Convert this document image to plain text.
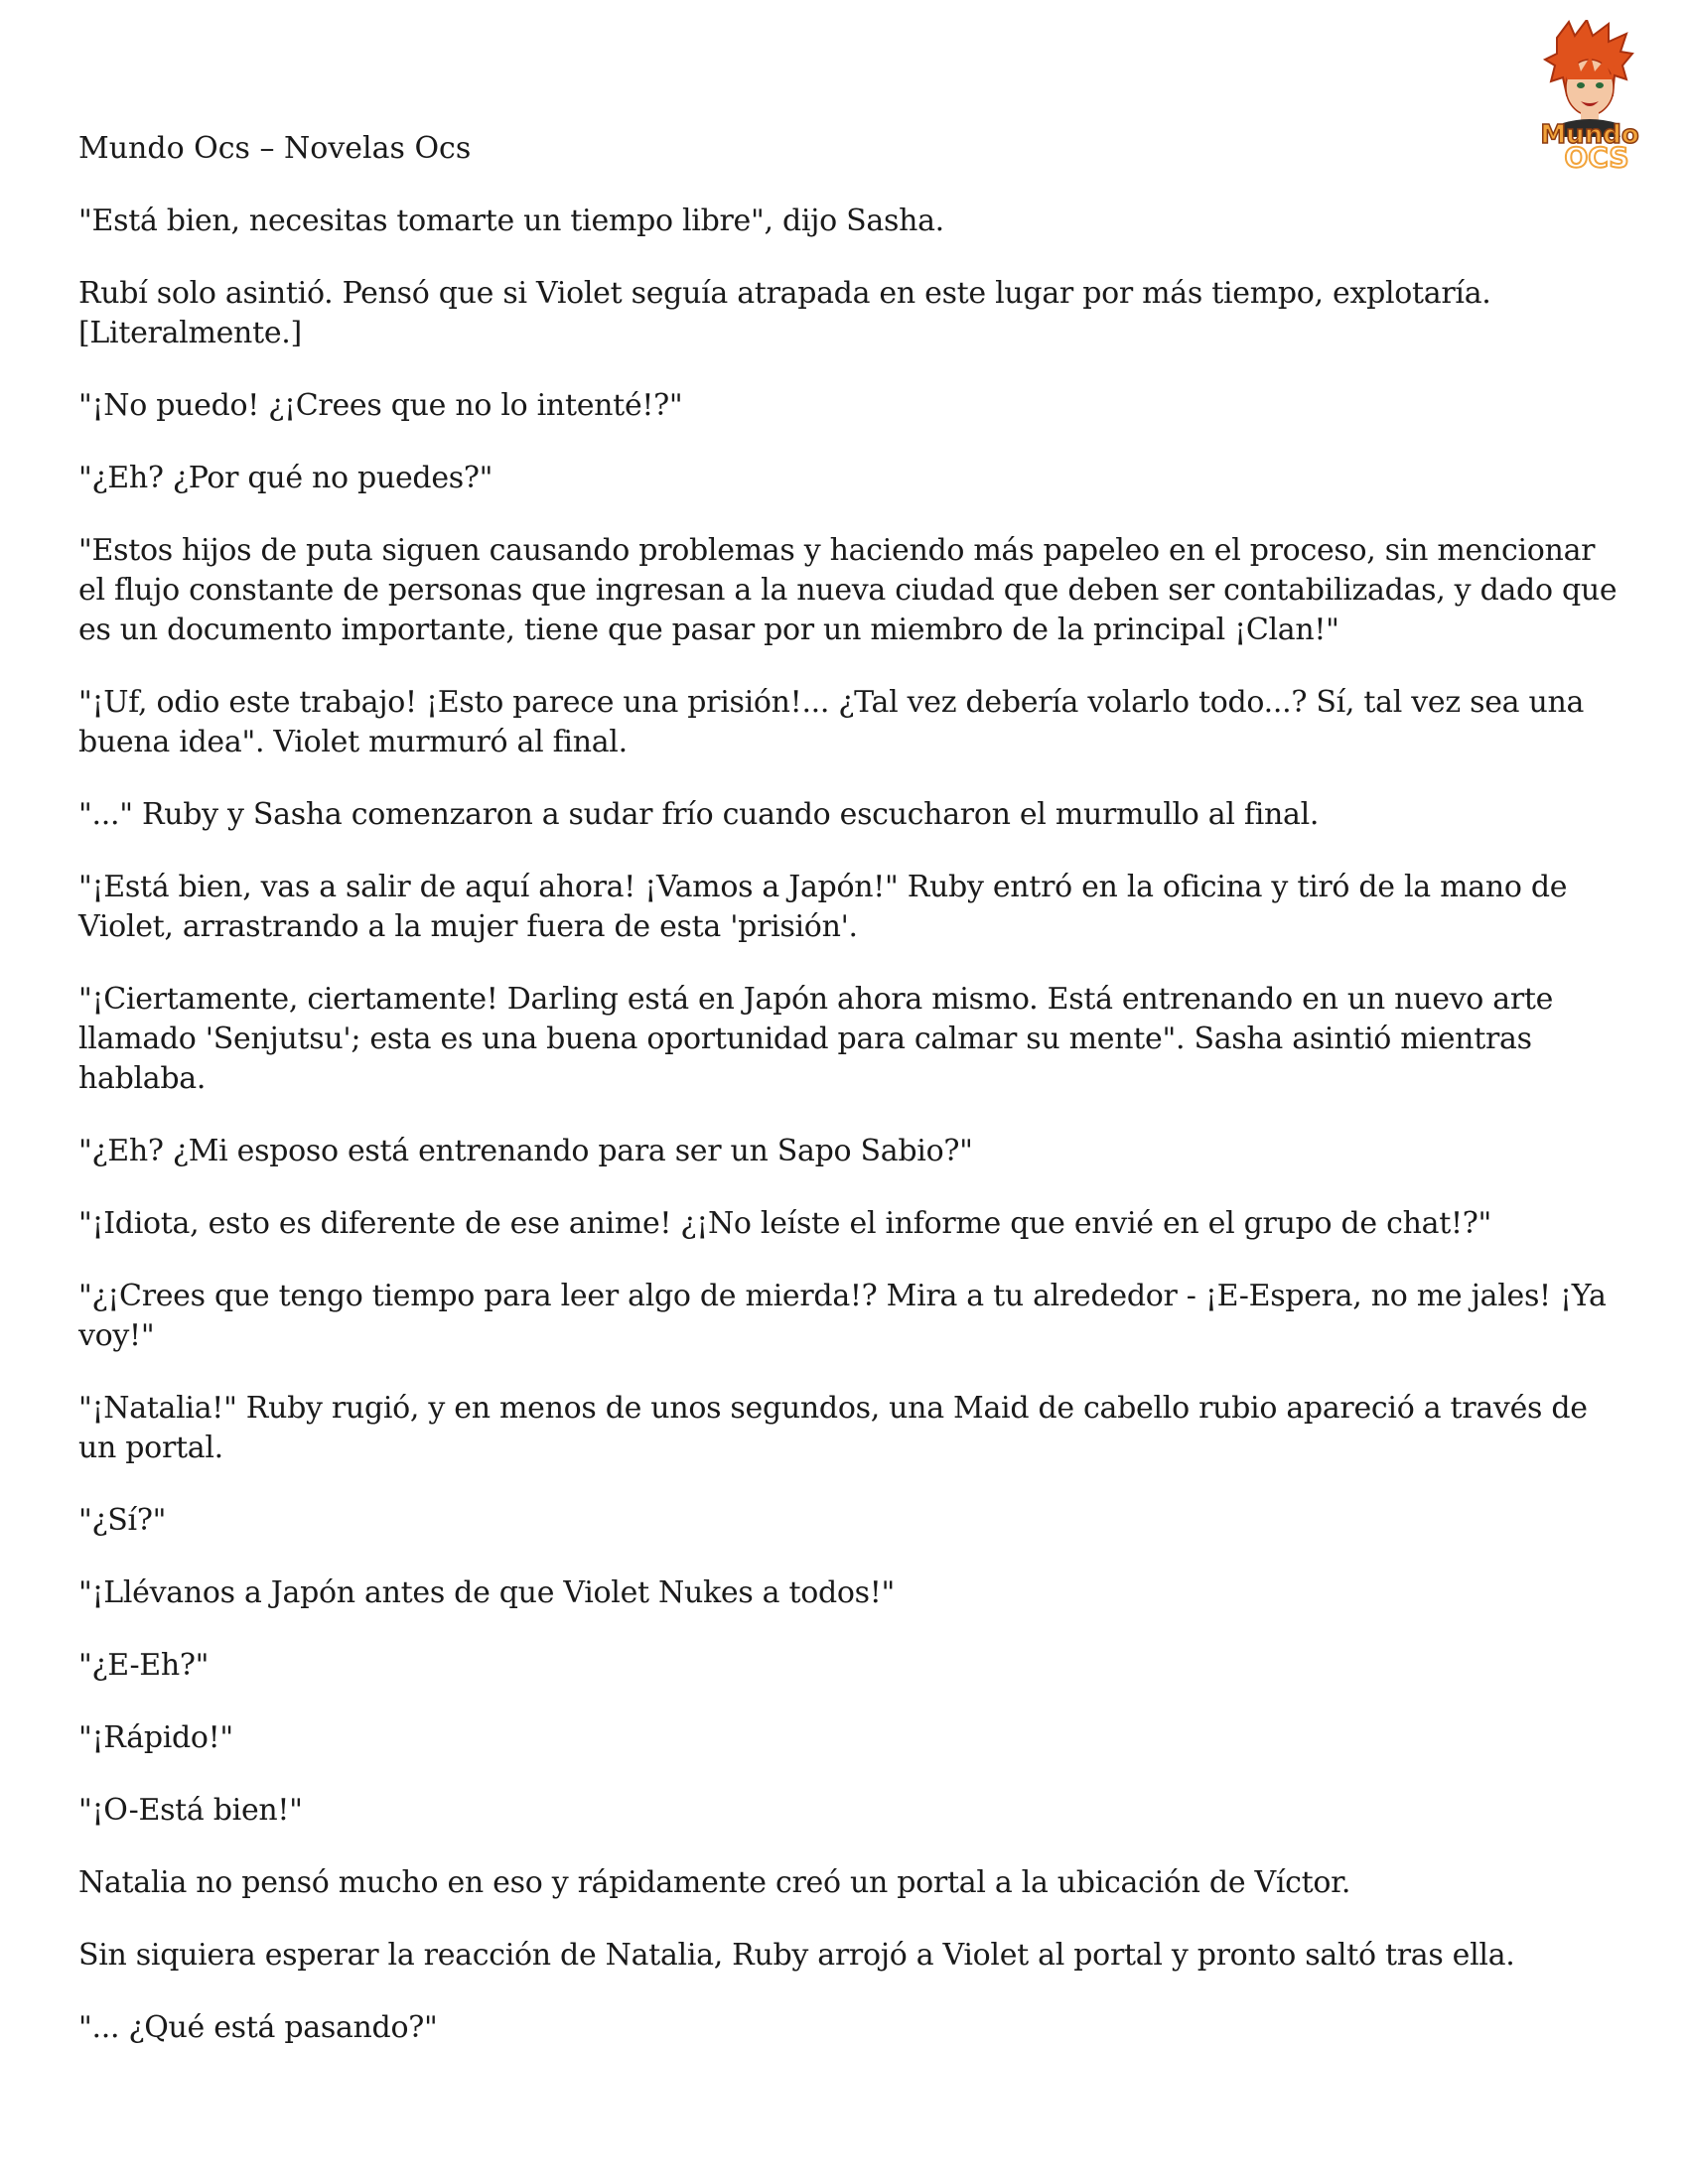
Mundo
OCS
Mundo Ocs – Novelas Ocs

"Está bien, necesitas tomarte un tiempo libre", dijo Sasha.

Rubí solo asintió. Pensó que si Violet seguía atrapada en este lugar por más tiempo, explotaría. [Literalmente.]

"¡No puedo! ¿¡Crees que no lo intenté!?"

"¿Eh? ¿Por qué no puedes?"

"Estos hijos de puta siguen causando problemas y haciendo más papeleo en el proceso, sin mencionar el flujo constante de personas que ingresan a la nueva ciudad que deben ser contabilizadas, y dado que es un documento importante, tiene que pasar por un miembro de la principal ¡Clan!"

"¡Uf, odio este trabajo! ¡Esto parece una prisión!... ¿Tal vez debería volarlo todo...? Sí, tal vez sea una buena idea". Violet murmuró al final.

"..." Ruby y Sasha comenzaron a sudar frío cuando escucharon el murmullo al final.

"¡Está bien, vas a salir de aquí ahora! ¡Vamos a Japón!" Ruby entró en la oficina y tiró de la mano de Violet, arrastrando a la mujer fuera de esta 'prisión'.

"¡Ciertamente, ciertamente! Darling está en Japón ahora mismo. Está entrenando en un nuevo arte llamado 'Senjutsu'; esta es una buena oportunidad para calmar su mente". Sasha asintió mientras hablaba.

"¿Eh? ¿Mi esposo está entrenando para ser un Sapo Sabio?"

"¡Idiota, esto es diferente de ese anime! ¿¡No leíste el informe que envié en el grupo de chat!?"

"¿¡Crees que tengo tiempo para leer algo de mierda!? Mira a tu alrededor - ¡E-Espera, no me jales! ¡Ya voy!"

"¡Natalia!" Ruby rugió, y en menos de unos segundos, una Maid de cabello rubio apareció a través de un portal.

"¿Sí?"

"¡Llévanos a Japón antes de que Violet Nukes a todos!"

"¿E-Eh?"

"¡Rápido!"

"¡O-Está bien!"

Natalia no pensó mucho en eso y rápidamente creó un portal a la ubicación de Víctor.

Sin siquiera esperar la reacción de Natalia, Ruby arrojó a Violet al portal y pronto saltó tras ella.

"... ¿Qué está pasando?"
